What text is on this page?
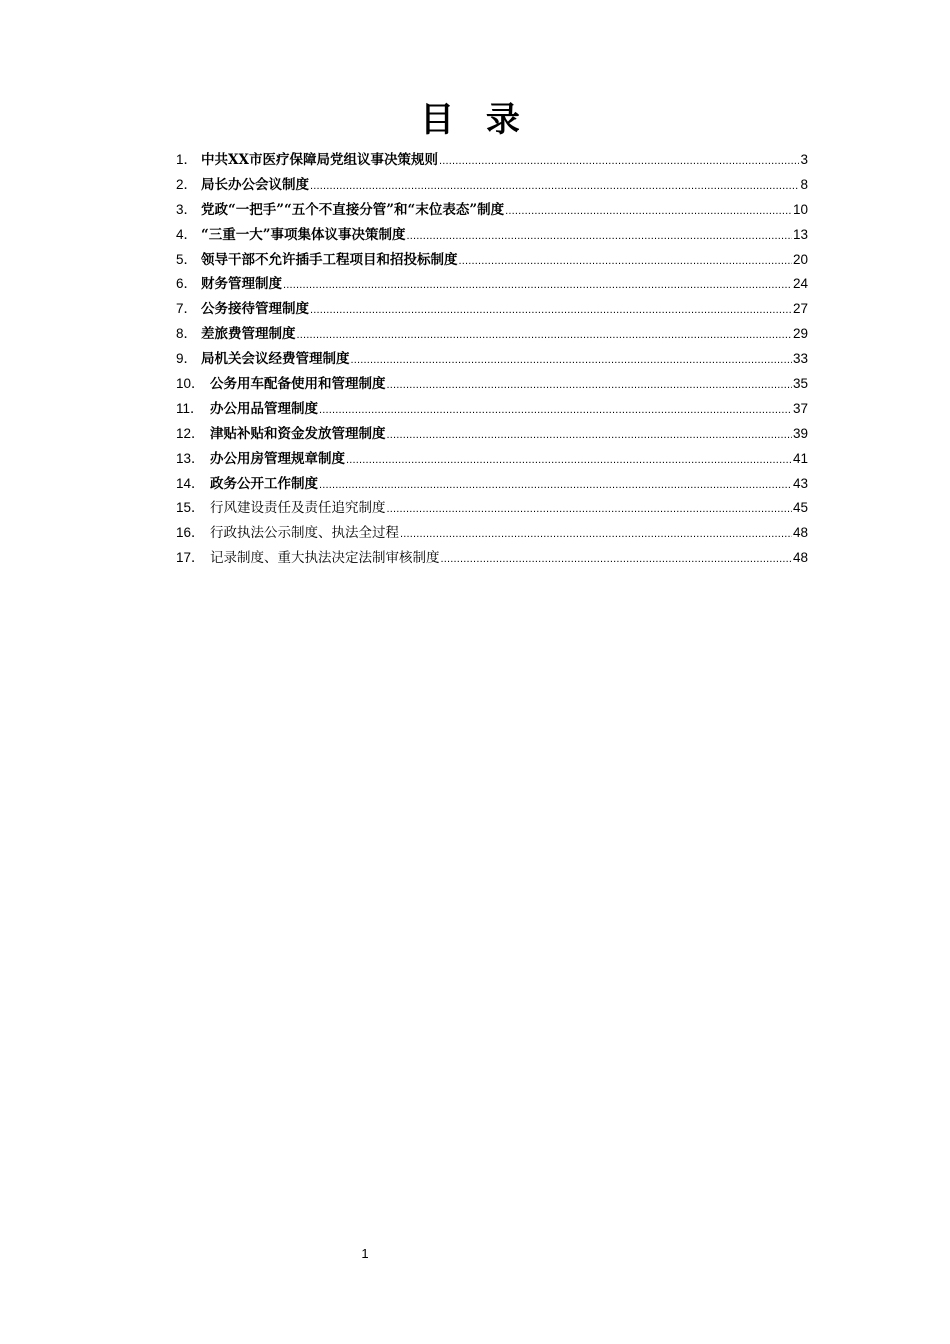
目 录
1． 中共XX市医疗保障局党组议事决策规则 .....	3
2． 局长办公会议制度 .....	8
3． 党政“一把手”“五个不直接分管”和“末位表态”制度 .....	10
4． “三重一大”事项集体议事决策制度 .....	13
5． 领导干部不允许插手工程项目和招投标制度 .....	20
6． 财务管理制度 .....	24
7． 公务接待管理制度 .....	27
8． 差旅费管理制度 .....	29
9． 局机关会议经费管理制度 .....	33
10． 公务用车配备使用和管理制度 .....	35
11． 办公用品管理制度 .....	37
12． 津贴补贴和资金发放管理制度 .....	39
13． 办公用房管理规章制度 .....	41
14． 政务公开工作制度 .....	43
15． 行风建设责任及责任追究制度 .....	45
16． 行政执法公示制度、执法全过程 .....	48
17． 记录制度、重大执法决定法制审核制度 .....	48
1
